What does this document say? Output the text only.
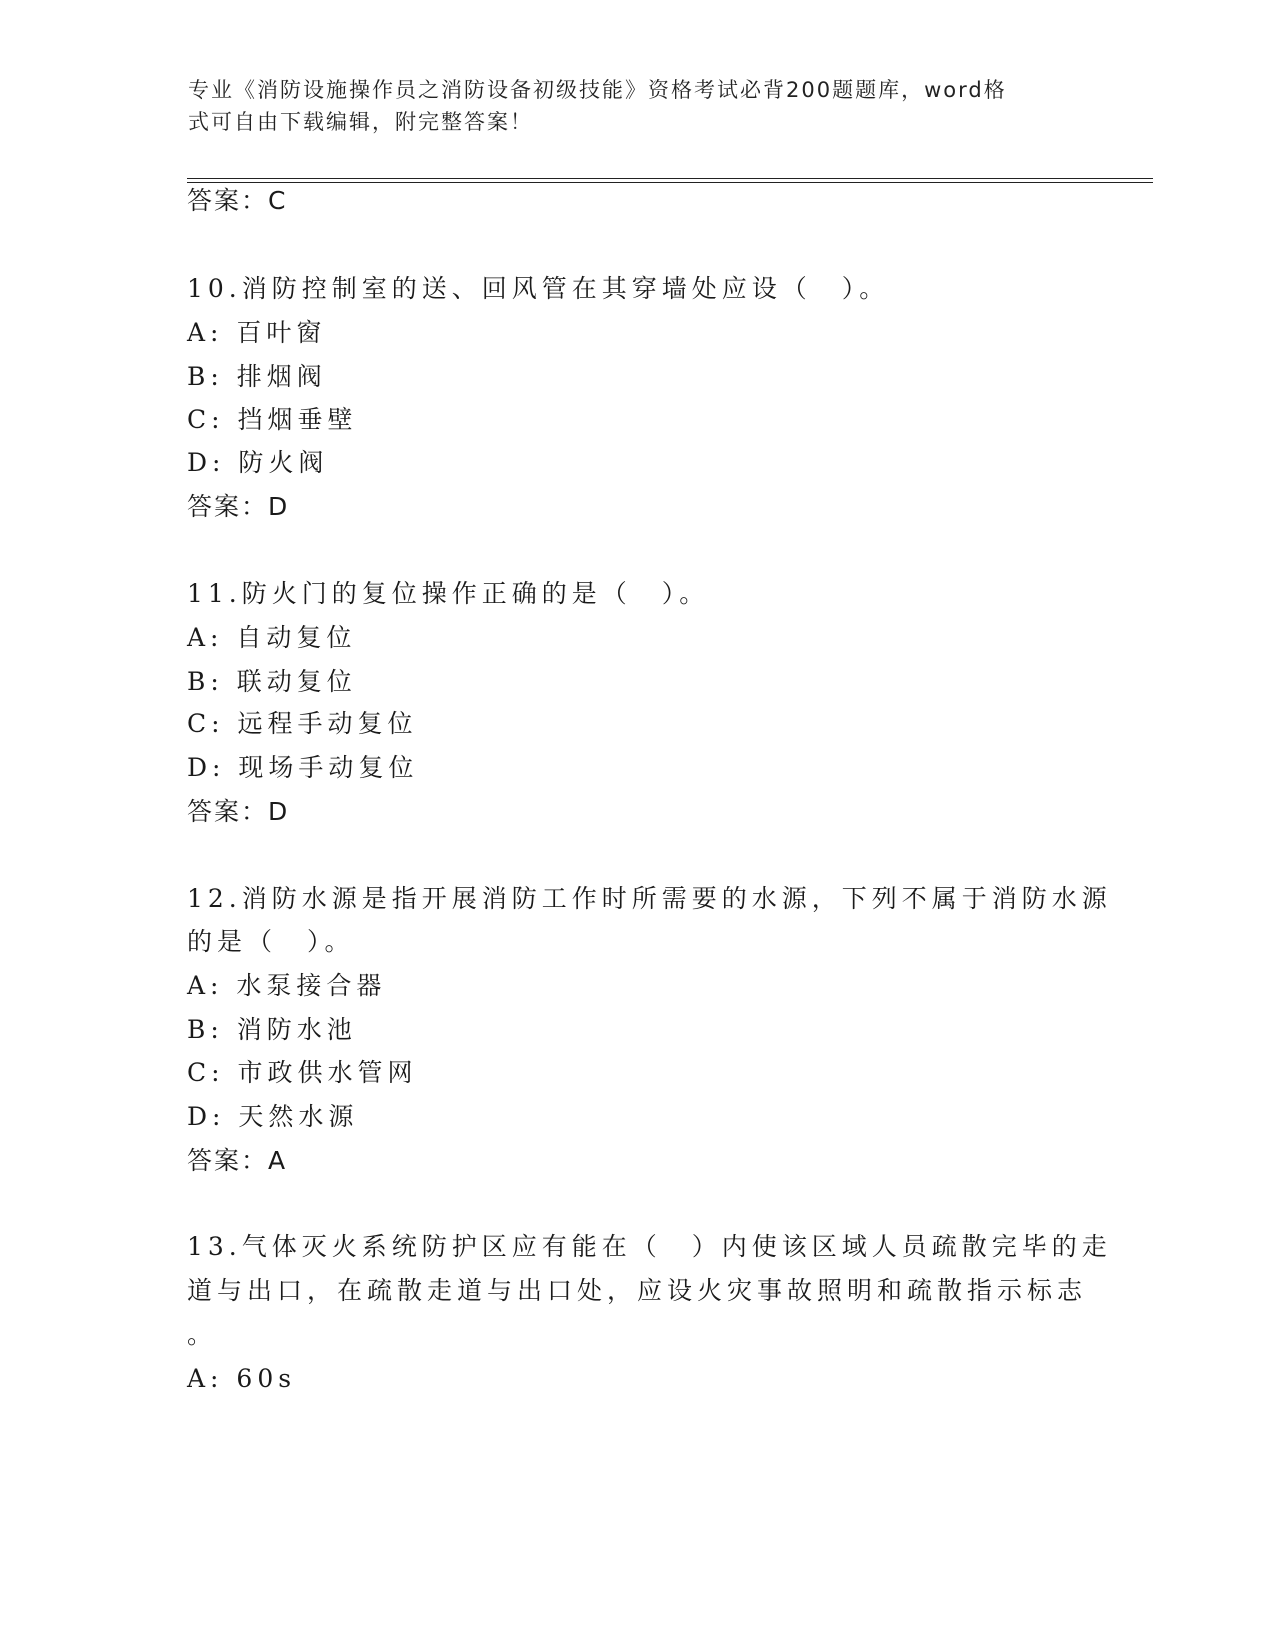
专业《消防设施操作员之消防设备初级技能》资格考试必背200题题库，word格
式可自由下载编辑，附完整答案！
答案：C
10.消防控制室的送、回风管在其穿墙处应设（　）。
A: 百叶窗
B: 排烟阀
C: 挡烟垂壁
D: 防火阀
答案：D
11.防火门的复位操作正确的是（　）。
A: 自动复位
B: 联动复位
C: 远程手动复位
D: 现场手动复位
答案：D
12.消防水源是指开展消防工作时所需要的水源，下列不属于消防水源
的是（　）。
A: 水泵接合器
B: 消防水池
C: 市政供水管网
D: 天然水源
答案：A
13.气体灭火系统防护区应有能在（　）内使该区域人员疏散完毕的走
道与出口，在疏散走道与出口处，应设火灾事故照明和疏散指示标志
。
A: 60s
